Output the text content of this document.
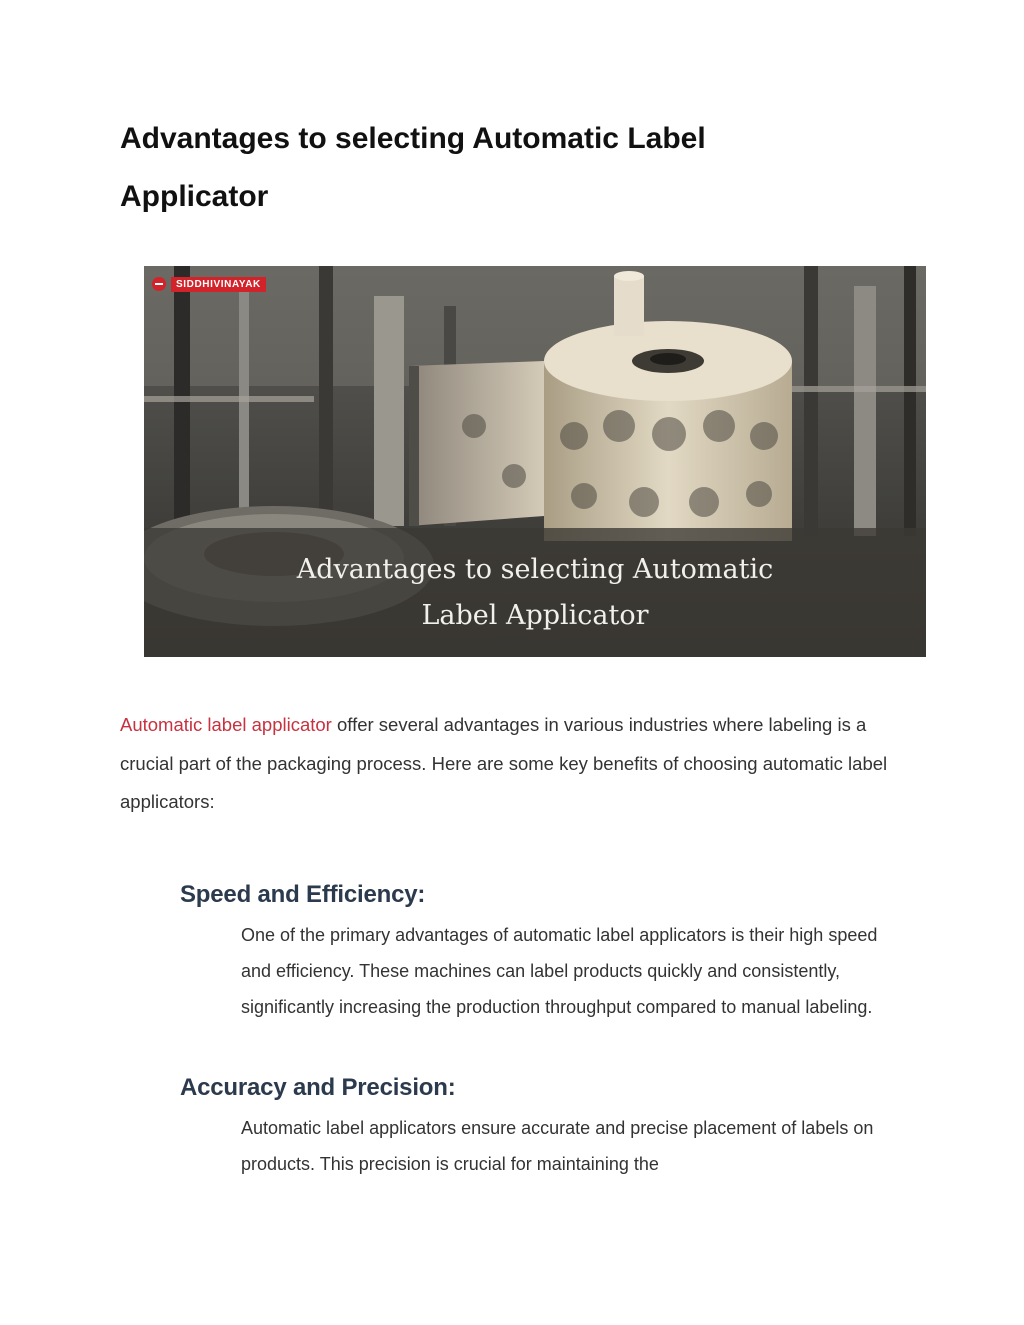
Advantages to selecting Automatic Label Applicator
SIDDHIVINAYAK
Advantages to selecting Automatic
Label Applicator

Automatic label applicator offer several advantages in various industries where labeling is a crucial part of the packaging process. Here are some key benefits of choosing automatic label applicators:

Speed and Efficiency:

One of the primary advantages of automatic label applicators is their high speed and efficiency. These machines can label products quickly and consistently, significantly increasing the production throughput compared to manual labeling.

Accuracy and Precision:

Automatic label applicators ensure accurate and precise placement of labels on products. This precision is crucial for maintaining the
